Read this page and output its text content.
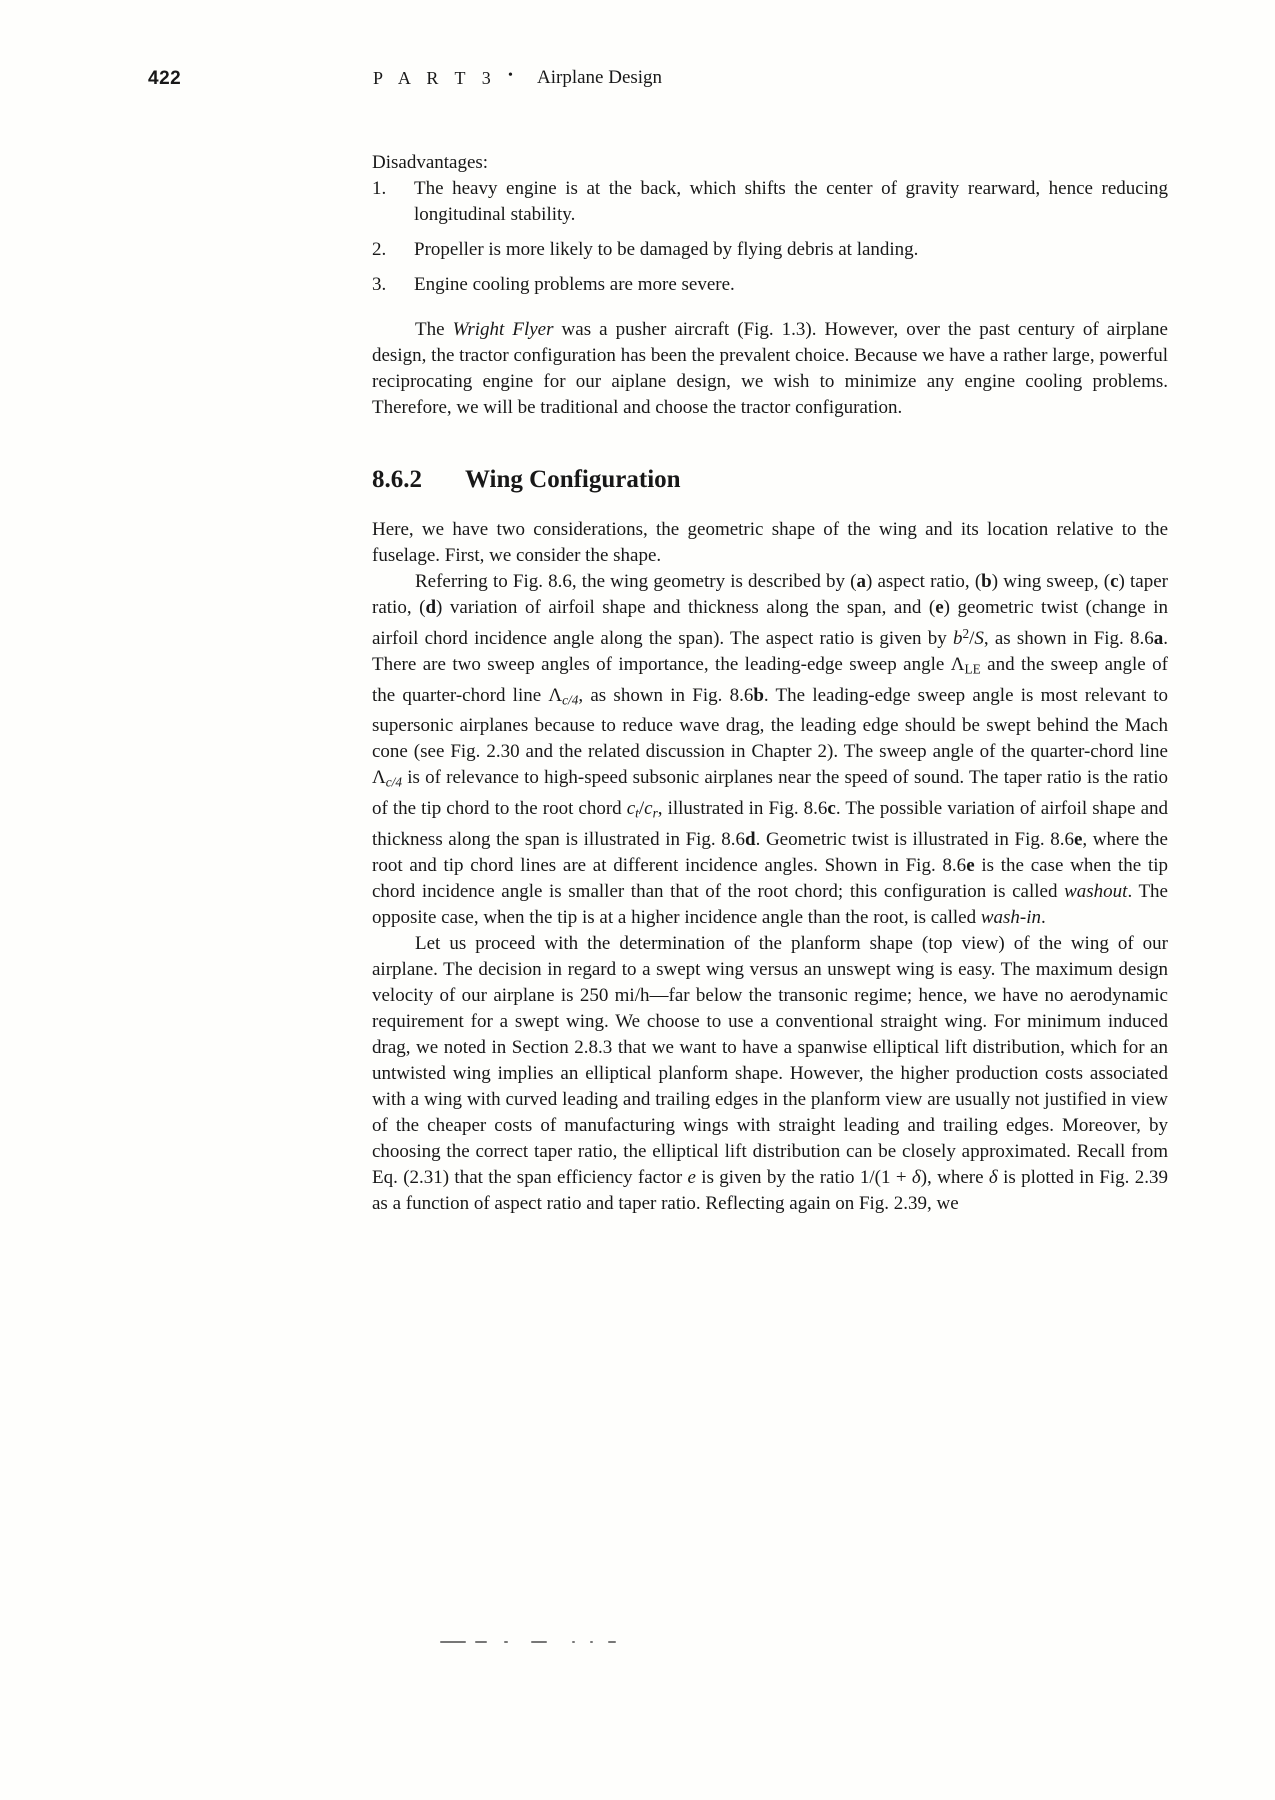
422	P A R T 3 • Airplane Design

Disadvantages:

1.	The heavy engine is at the back, which shifts the center of gravity rearward, hence reducing longitudinal stability.
2.	Propeller is more likely to be damaged by flying debris at landing.
3.	Engine cooling problems are more severe.

The Wright Flyer was a pusher aircraft (Fig. 1.3). However, over the past century of airplane design, the tractor configuration has been the prevalent choice. Because we have a rather large, powerful reciprocating engine for our aiplane design, we wish to minimize any engine cooling problems. Therefore, we will be traditional and choose the tractor configuration.

8.6.2	Wing Configuration

Here, we have two considerations, the geometric shape of the wing and its location relative to the fuselage. First, we consider the shape.

Referring to Fig. 8.6, the wing geometry is described by (a) aspect ratio, (b) wing sweep, (c) taper ratio, (d) variation of airfoil shape and thickness along the span, and (e) geometric twist (change in airfoil chord incidence angle along the span). The aspect ratio is given by $b^2/S$, as shown in Fig. 8.6a. There are two sweep angles of importance, the leading-edge sweep angle ΛLE and the sweep angle of the quarter-chord line Λc/4, as shown in Fig. 8.6b. The leading-edge sweep angle is most relevant to supersonic airplanes because to reduce wave drag, the leading edge should be swept behind the Mach cone (see Fig. 2.30 and the related discussion in Chapter 2). The sweep angle of the quarter-chord line Λc/4 is of relevance to high-speed subsonic airplanes near the speed of sound. The taper ratio is the ratio of the tip chord to the root chord ct/cr, illustrated in Fig. 8.6c. The possible variation of airfoil shape and thickness along the span is illustrated in Fig. 8.6d. Geometric twist is illustrated in Fig. 8.6e, where the root and tip chord lines are at different incidence angles. Shown in Fig. 8.6e is the case when the tip chord incidence angle is smaller than that of the root chord; this configuration is called washout. The opposite case, when the tip is at a higher incidence angle than the root, is called wash-in.

Let us proceed with the determination of the planform shape (top view) of the wing of our airplane. The decision in regard to a swept wing versus an unswept wing is easy. The maximum design velocity of our airplane is 250 mi/h—far below the transonic regime; hence, we have no aerodynamic requirement for a swept wing. We choose to use a conventional straight wing. For minimum induced drag, we noted in Section 2.8.3 that we want to have a spanwise elliptical lift distribution, which for an untwisted wing implies an elliptical planform shape. However, the higher production costs associated with a wing with curved leading and trailing edges in the planform view are usually not justified in view of the cheaper costs of manufacturing wings with straight leading and trailing edges. Moreover, by choosing the correct taper ratio, the elliptical lift distribution can be closely approximated. Recall from Eq. (2.31) that the span efficiency factor e is given by the ratio 1/(1 + δ), where δ is plotted in Fig. 2.39 as a function of aspect ratio and taper ratio. Reflecting again on Fig. 2.39, we
